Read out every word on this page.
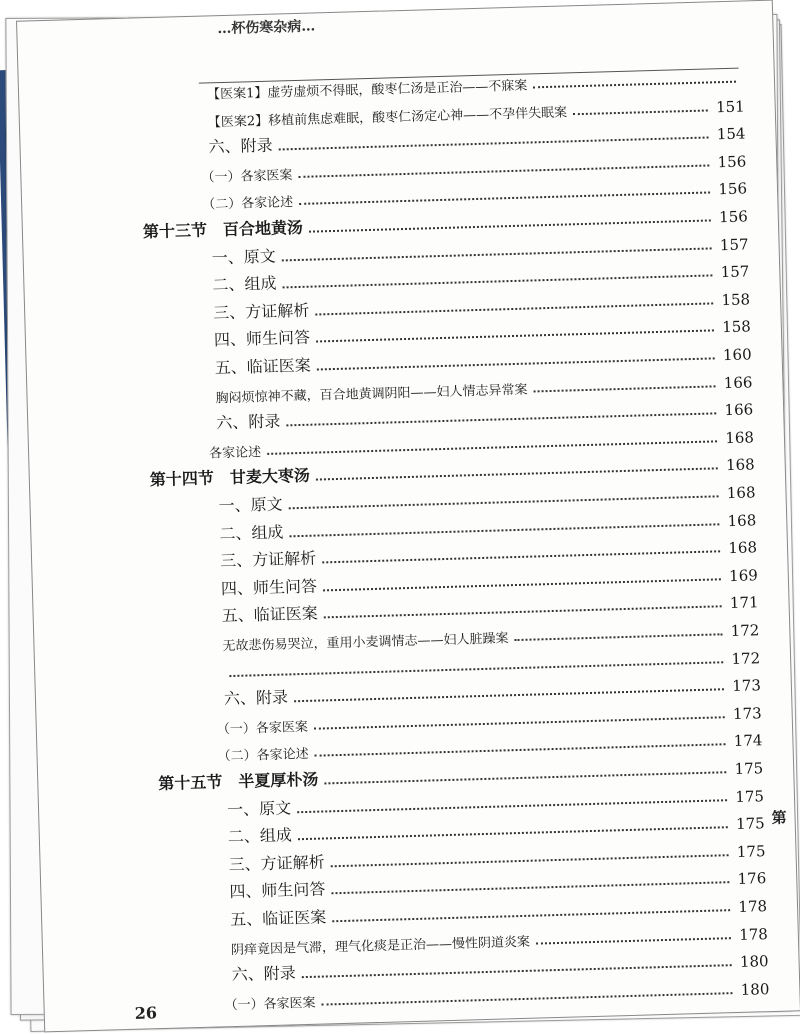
…杯伤寒杂病…
【医案1】虚劳虚烦不得眠，酸枣仁汤是正治——不寐案
【医案2】移植前焦虑难眠，酸枣仁汤定心神——不孕伴失眠案	151
六、附录
154
（一）各家医案
156
（二）各家论述
156
第十三节　百合地黄汤
156
一、原文
157
二、组成
157
三、方证解析
158
四、师生问答
158
五、临证医案
160
胸闷烦惊神不藏，百合地黄调阴阳——妇人情志异常案	166
六、附录
166
各家论述
168
第十四节　甘麦大枣汤
168
一、原文
168
二、组成
168
三、方证解析
168
四、师生问答
169
五、临证医案
171
无故悲伤易哭泣，重用小麦调情志——妇人脏躁案
172
172
六、附录
173
（一）各家医案
173
（二）各家论述
174
第十五节　半夏厚朴汤
175
一、原文
175
二、组成
175
三、方证解析
175
四、师生问答
176
五、临证医案
178
阴痒竟因是气滞，理气化痰是正治——慢性阴道炎案
178
六、附录
180
（一）各家医案
180
26
第
